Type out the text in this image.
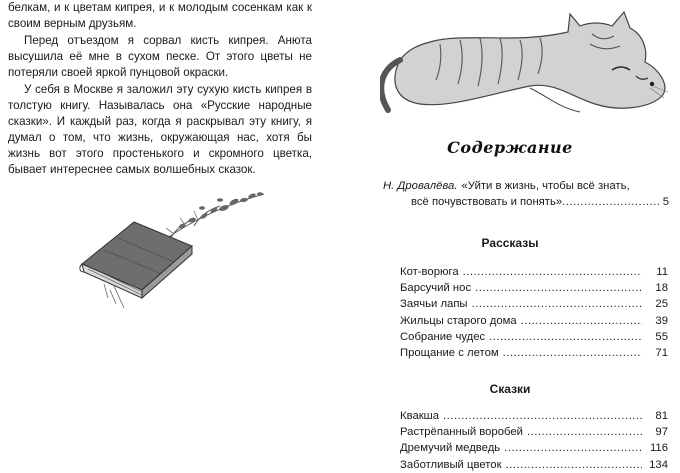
белкам, и к цветам кипрея, и к молодым сосенкам как к своим верным друзьям.

Перед отъездом я сорвал кисть кипрея. Анюта высушила её мне в сухом песке. От этого цветы не потеряли своей яркой пунцовой окраски.

У себя в Москве я заложил эту сухую кисть кипрея в толстую книгу. Называлась она «Русские народные сказки». И каждый раз, когда я раскрывал эту книгу, я думал о том, что жизнь, окружающая нас, хотя бы жизнь вот этого простенького и скромного цветка, бывает интереснее самых волшебных сказок.

Содержание
Н. Дровалёва. «Уйти в жизнь, чтобы всё знать,
всё почувствовать и понять» .....	5
Рассказы
Кот-ворюга .....	11
Барсучий нос .....	18
Заячьи лапы .....	25
Жильцы старого дома .....	39
Собрание чудес .....	55
Прощание с летом .....	71
Сказки
Квакша .....	81
Растрёпанный воробей .....	97
Дремучий медведь .....	116
Заботливый цветок .....	134
